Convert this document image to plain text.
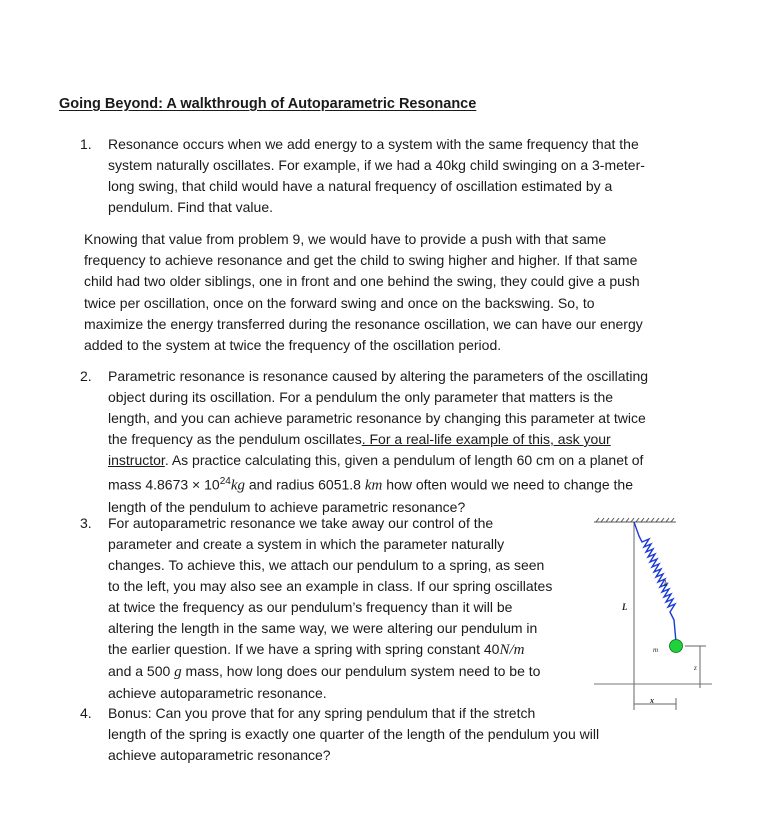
Going Beyond: A walkthrough of Autoparametric Resonance
1.	Resonance occurs when we add energy to a system with the same frequency that the
system naturally oscillates. For example, if we had a 40kg child swinging on a 3-meter-
long swing, that child would have a natural frequency of oscillation estimated by a
pendulum. Find that value.
Knowing that value from problem 9, we would have to provide a push with that same
frequency to achieve resonance and get the child to swing higher and higher. If that same
child had two older siblings, one in front and one behind the swing, they could give a push
twice per oscillation, once on the forward swing and once on the backswing. So, to
maximize the energy transferred during the resonance oscillation, we can have our energy
added to the system at twice the frequency of the oscillation period.
2.	Parametric resonance is resonance caused by altering the parameters of the oscillating
object during its oscillation. For a pendulum the only parameter that matters is the
length, and you can achieve parametric resonance by changing this parameter at twice
the frequency as the pendulum oscillates. For a real-life example of this, ask your
instructor. As practice calculating this, given a pendulum of length 60 cm on a planet of
mass $4.8673 \times 10^{24}kg$ and radius 6051.8 km how often would we need to change the
length of the pendulum to achieve parametric resonance?
3.	For autoparametric resonance we take away our control of the
parameter and create a system in which the parameter naturally
changes. To achieve this, we attach our pendulum to a spring, as seen
to the left, you may also see an example in class. If our spring oscillates
at twice the frequency as our pendulum’s frequency than it will be
altering the length in the same way, we were altering our pendulum in
the earlier question. If we have a spring with spring constant 40N/m
and a 500 g mass, how long does our pendulum system need to be to
achieve autoparametric resonance.
4.	Bonus: Can you prove that for any spring pendulum that if the stretch
length of the spring is exactly one quarter of the length of the pendulum you will
achieve autoparametric resonance?
L
k
m
z
x
